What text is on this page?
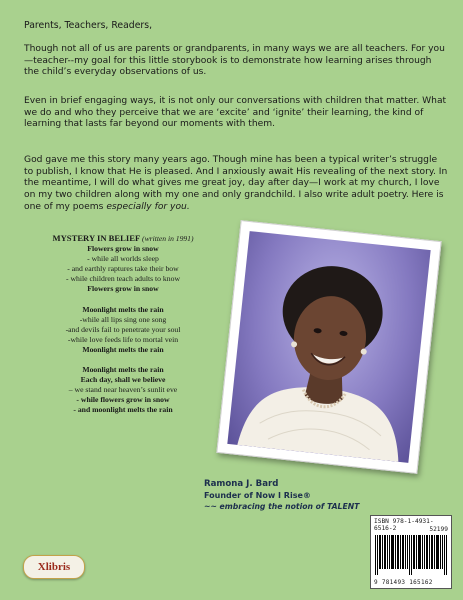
Parents, Teachers, Readers,
Though not all of us are parents or grandparents, in many ways we are all teachers. For you—teacher--my goal for this little storybook is to demonstrate how learning arises through the child’s everyday observations of us.
Even in brief engaging ways, it is not only our conversations with children that matter. What we do and who they perceive that we are ‘excite’ and ‘ignite’ their learning, the kind of learning that lasts far beyond our moments with them.
God gave me this story many years ago. Though mine has been a typical writer’s struggle to publish, I know that He is pleased. And I anxiously await His revealing of the next story. In the meantime, I will do what gives me great joy, day after day—I work at my church, I love on my two children along with my one and only grandchild. I also write adult poetry. Here is one of my poems especially for you.
MYSTERY IN BELIEF (written in 1991)
Flowers grow in snow
- while all worlds sleep
- and earthly raptures take their bow
- while children teach adults to know
Flowers grow in snow
Moonlight melts the rain
-while all lips sing one song
-and devils fail to penetrate your soul
-while love feeds life to mortal vein
Moonlight melts the rain
Moonlight melts the rain
Each day, shall we believe
– we stand near heaven’s sunlit eve
- while flowers grow in snow
- and moonlight melts the rain
Ramona J. Bard
Founder of Now I Rise®
~~ embracing the notion of TALENT
ISBN 978-1-4931-6516-2	52199
9 781493 165162
Xlibris
